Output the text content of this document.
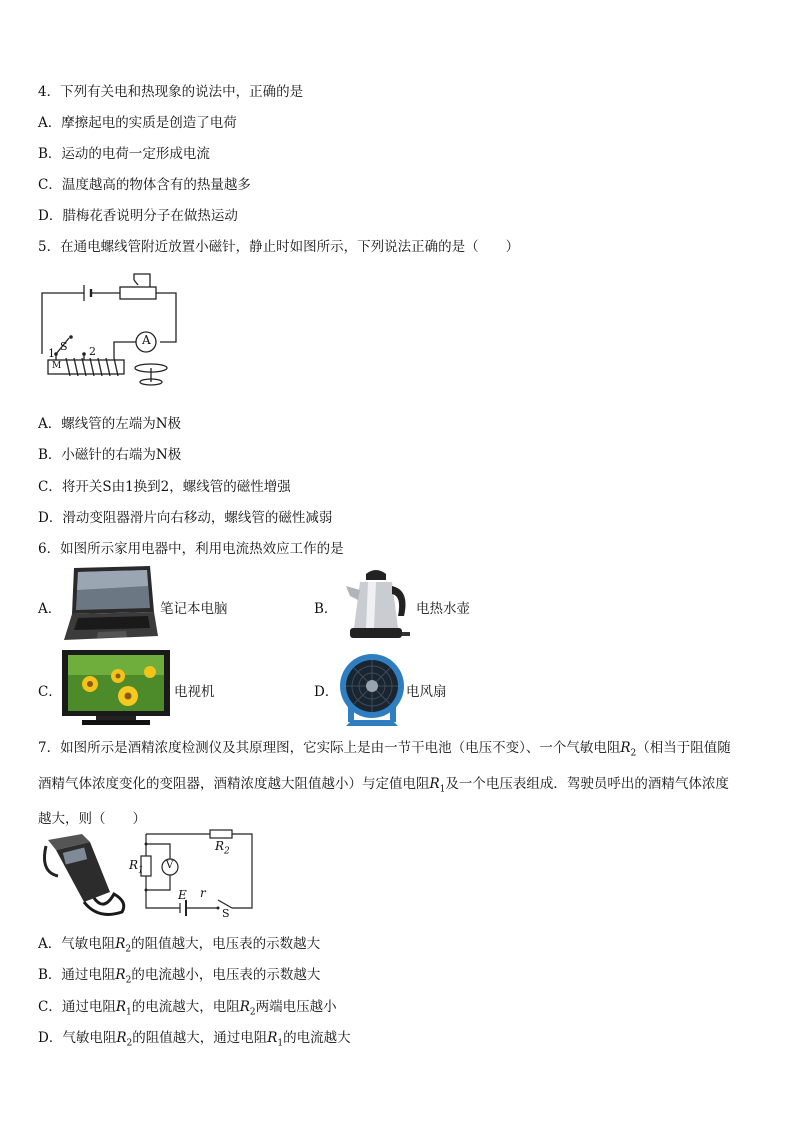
4．下列有关电和热现象的说法中，正确的是
A．摩擦起电的实质是创造了电荷
B．运动的电荷一定形成电流
C．温度越高的物体含有的热量越多
D．腊梅花香说明分子在做热运动
5．在通电螺线管附近放置小磁针，静止时如图所示，下列说法正确的是（　　）
A
S
1	2
M
A．螺线管的左端为N极
B．小磁针的右端为N极
C．将开关S由1换到2，螺线管的磁性增强
D．滑动变阻器滑片向右移动，螺线管的磁性减弱
6．如图所示家用电器中，利用电流热效应工作的是
A．	笔记本电脑	B．	电热水壶
C．	电视机	D．	电风扇
7．如图所示是酒精浓度检测仪及其原理图，它实际上是由一节干电池（电压不变）、一个气敏电阻$R_2$（相当于阻值随
酒精气体浓度变化的变阻器，酒精浓度越大阻值越小）与定值电阻$R_1$及一个电压表组成．驾驶员呼出的酒精气体浓度
越大，则（　　）
$R_2$
$R_1$ V
E r
S
A．气敏电阻$R_2$的阻值越大，电压表的示数越大
B．通过电阻$R_2$的电流越小，电压表的示数越大
C．通过电阻$R_1$的电流越大，电阻$R_2$两端电压越小
D．气敏电阻$R_2$的阻值越大，通过电阻$R_1$的电流越大
